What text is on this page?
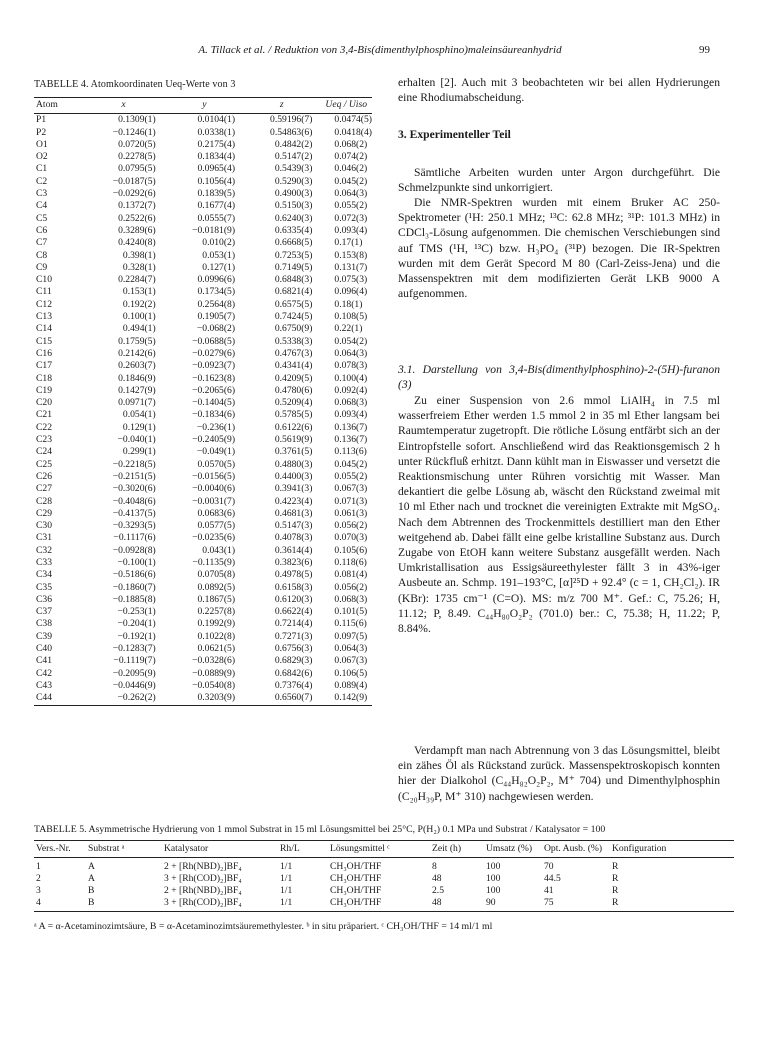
A. Tillack et al. / Reduktion von 3,4-Bis(dimenthylphosphino)maleinsäureanhydrid	99
TABELLE 4. Atomkoordinaten Ueq-Werte von 3
Atom	x	y	z	Ueq / Uiso
P1	0.1309(1)	0.0104(1)	0.59196(7)	0.0474(5)
P2	−0.1246(1)	0.0338(1)	0.54863(6)	0.0418(4)
O1	0.0720(5)	0.2175(4)	0.4842(2)	0.068(2)
O2	0.2278(5)	0.1834(4)	0.5147(2)	0.074(2)
C1	0.0795(5)	0.0965(4)	0.5439(3)	0.046(2)
C2	−0.0187(5)	0.1056(4)	0.5290(3)	0.045(2)
C3	−0.0292(6)	0.1839(5)	0.4900(3)	0.064(3)
C4	0.1372(7)	0.1677(4)	0.5150(3)	0.055(2)
C5	0.2522(6)	0.0555(7)	0.6240(3)	0.072(3)
C6	0.3289(6)	−0.0181(9)	0.6335(4)	0.093(4)
C7	0.4240(8)	0.010(2)	0.6668(5)	0.17(1)
C8	0.398(1)	0.053(1)	0.7253(5)	0.153(8)
C9	0.328(1)	0.127(1)	0.7149(5)	0.131(7)
C10	0.2284(7)	0.0996(6)	0.6848(3)	0.075(3)
C11	0.153(1)	0.1734(5)	0.6821(4)	0.096(4)
C12	0.192(2)	0.2564(8)	0.6575(5)	0.18(1)
C13	0.100(1)	0.1905(7)	0.7424(5)	0.108(5)
C14	0.494(1)	−0.068(2)	0.6750(9)	0.22(1)
C15	0.1759(5)	−0.0688(5)	0.5338(3)	0.054(2)
C16	0.2142(6)	−0.0279(6)	0.4767(3)	0.064(3)
C17	0.2603(7)	−0.0923(7)	0.4341(4)	0.078(3)
C18	0.1846(9)	−0.1623(8)	0.4209(5)	0.100(4)
C19	0.1427(9)	−0.2065(6)	0.4780(6)	0.092(4)
C20	0.0971(7)	−0.1404(5)	0.5209(4)	0.068(3)
C21	0.054(1)	−0.1834(6)	0.5785(5)	0.093(4)
C22	0.129(1)	−0.236(1)	0.6122(6)	0.136(7)
C23	−0.040(1)	−0.2405(9)	0.5619(9)	0.136(7)
C24	0.299(1)	−0.049(1)	0.3761(5)	0.113(6)
C25	−0.2218(5)	0.0570(5)	0.4880(3)	0.045(2)
C26	−0.2151(5)	−0.0156(5)	0.4400(3)	0.055(2)
C27	−0.3020(6)	−0.0040(6)	0.3941(3)	0.067(3)
C28	−0.4048(6)	−0.0031(7)	0.4223(4)	0.071(3)
C29	−0.4137(5)	0.0683(6)	0.4681(3)	0.061(3)
C30	−0.3293(5)	0.0577(5)	0.5147(3)	0.056(2)
C31	−0.1117(6)	−0.0235(6)	0.4078(3)	0.070(3)
C32	−0.0928(8)	0.043(1)	0.3614(4)	0.105(6)
C33	−0.100(1)	−0.1135(9)	0.3823(6)	0.118(6)
C34	−0.5186(6)	0.0705(8)	0.4978(5)	0.081(4)
C35	−0.1860(7)	0.0892(5)	0.6158(3)	0.056(2)
C36	−0.1885(8)	0.1867(5)	0.6120(3)	0.068(3)
C37	−0.253(1)	0.2257(8)	0.6622(4)	0.101(5)
C38	−0.204(1)	0.1992(9)	0.7214(4)	0.115(6)
C39	−0.192(1)	0.1022(8)	0.7271(3)	0.097(5)
C40	−0.1283(7)	0.0621(5)	0.6756(3)	0.064(3)
C41	−0.1119(7)	−0.0328(6)	0.6829(3)	0.067(3)
C42	−0.2095(9)	−0.0889(9)	0.6842(6)	0.106(5)
C43	−0.0446(9)	−0.0540(8)	0.7376(4)	0.089(4)
C44	−0.262(2)	0.3203(9)	0.6560(7)	0.142(9)
erhalten [2]. Auch mit 3 beobachteten wir bei allen Hydrierungen eine Rhodiumabscheidung.
3. Experimenteller Teil
Sämtliche Arbeiten wurden unter Argon durchgeführt. Die Schmelzpunkte sind unkorrigiert.
Die NMR-Spektren wurden mit einem Bruker AC 250-Spektrometer (¹H: 250.1 MHz; ¹³C: 62.8 MHz; ³¹P: 101.3 MHz) in CDCl₃-Lösung aufgenommen. Die chemischen Verschiebungen sind auf TMS (¹H, ¹³C) bzw. H₃PO₄ (³¹P) bezogen. Die IR-Spektren wurden mit dem Gerät Specord M 80 (Carl-Zeiss-Jena) und die Massenspektren mit dem modifizierten Gerät LKB 9000 A aufgenommen.
3.1. Darstellung von 3,4-Bis(dimenthylphosphino)-2-(5H)-furanon (3)
Zu einer Suspension von 2.6 mmol LiAlH₄ in 7.5 ml wasserfreiem Ether werden 1.5 mmol 2 in 35 ml Ether langsam bei Raumtemperatur zugetropft. Die rötliche Lösung entfärbt sich an der Eintropfstelle sofort. Anschließend wird das Reaktionsgemisch 2 h unter Rückfluß erhitzt. Dann kühlt man in Eiswasser und versetzt die Reaktionsmischung unter Rühren vorsichtig mit Wasser. Man dekantiert die gelbe Lösung ab, wäscht den Rückstand zweimal mit 10 ml Ether nach und trocknet die vereinigten Extrakte mit MgSO₄. Nach dem Abtrennen des Trockenmittels destilliert man den Ether weitgehend ab. Dabei fällt eine gelbe kristalline Substanz aus. Durch Zugabe von EtOH kann weitere Substanz ausgefällt werden. Nach Umkristallisation aus Essigsäureethylester fällt 3 in 43%-iger Ausbeute an. Schmp. 191–193°C, [α]²⁵D + 92.4° (c = 1, CH₂Cl₂). IR (KBr): 1735 cm⁻¹ (C=O). MS: m/z 700 M⁺. Gef.: C, 75.26; H, 11.12; P, 8.49. C₄₄H₈₀O₂P₂ (701.0) ber.: C, 75.38; H, 11.22; P, 8.84%.
Verdampft man nach Abtrennung von 3 das Lösungsmittel, bleibt ein zähes Öl als Rückstand zurück. Massenspektroskopisch konnten hier der Dialkohol (C₄₄H₈₂O₂P₂, M⁺ 704) und Dimenthylphosphin (C₂₀H₃₉P, M⁺ 310) nachgewiesen werden.
TABELLE 5. Asymmetrische Hydrierung von 1 mmol Substrat in 15 ml Lösungsmittel bei 25°C, P(H₂) 0.1 MPa und Substrat / Katalysator = 100
Vers.-Nr.	Substrat ᵃ	Katalysator	Rh/L	Lösungsmittel ᶜ	Zeit (h)	Umsatz (%)	Opt. Ausb. (%)	Konfiguration
1	A	2 + [Rh(NBD)₂]BF₄	1/1	CH₃OH/THF	8	100	70	R
2	A	3 + [Rh(COD)₂]BF₄	1/1	CH₃OH/THF	48	100	44.5	R
3	B	2 + [Rh(NBD)₂]BF₄	1/1	CH₃OH/THF	2.5	100	41	R
4	B	3 + [Rh(COD)₂]BF₄	1/1	CH₃OH/THF	48	90	75	R
ᵃ A = α-Acetaminozimtsäure, B = α-Acetaminozimtsäuremethylester. ᵇ in situ präpariert. ᶜ CH₃OH/THF = 14 ml/1 ml
